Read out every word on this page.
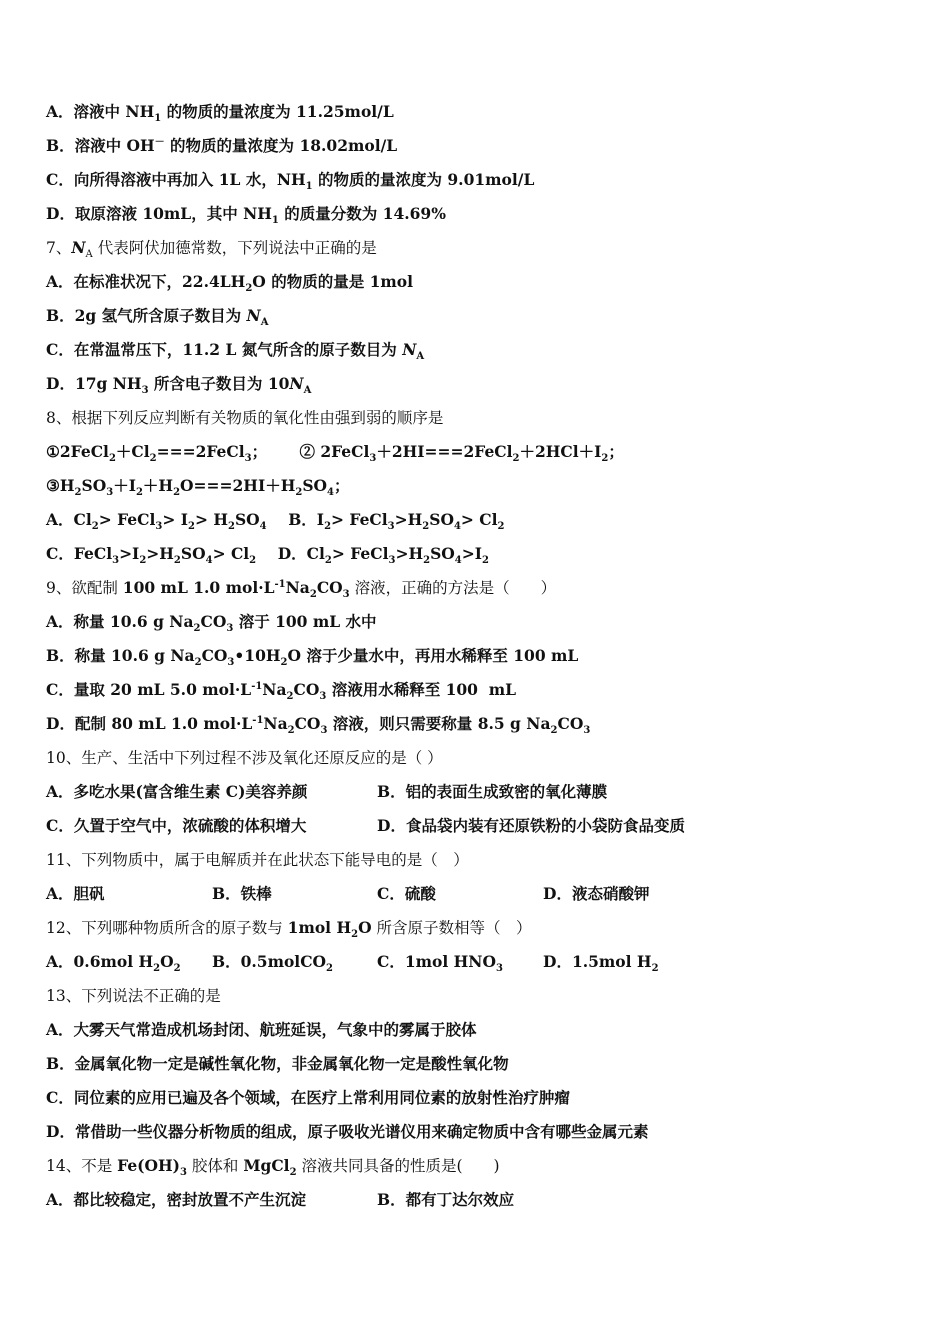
A．溶液中 $NH_1$ 的物质的量浓度为 11.25mol/L
B．溶液中 OH－ 的物质的量浓度为 18.02mol/L
C．向所得溶液中再加入 1L 水，$NH_1$ 的物质的量浓度为 9.01mol/L
D．取原溶液 10mL，其中 $NH_1$ 的质量分数为 14.69%
7、$N_A$ 代表阿伏加德常数，下列说法中正确的是
A．在标准状况下，$22.4LH_2O$ 的物质的量是 1mol
B．2g 氢气所含原子数目为 $N_A$
C．在常温常压下，11.2 L 氮气所含的原子数目为 $N_A$
D．17g $NH_3$ 所含电子数目为 $10N_A$
8、根据下列反应判断有关物质的氧化性由强到弱的顺序是
$①2FeCl_2+Cl_2===2FeCl_3$；      ② $2FeCl_3+2HI===2FeCl_2+2HCl+I_2$；
$③H_2SO_3+I_2+H_2O===2HI+H_2SO_4$；
A．$Cl_2>$ FeCl$_3$> $I_2> H_2SO_4$    B．$I_2>$ $FeCl_3>H_2SO_4> Cl_2$
C．$FeCl_3>I_2>H_2SO_4> Cl_2$    D．$Cl_2>$ $FeCl_3>H_2SO_4>I_2$
9、欲配制 100 mL 1.0 $mol\cdot L^{-1}Na_2CO_3$ 溶液，正确的方法是（　　）
A．称量 10.6 g $Na_2CO_3$ 溶于 100 mL 水中
B．称量 10.6 g $Na_2CO_3•10H_2O$ 溶于少量水中，再用水稀释至 100 mL
C．量取 20 mL 5.0 $mol\cdot L^{-1}Na_2CO_3$ 溶液用水稀释至 100  mL
D．配制 80 mL 1.0 $mol\cdot L^{-1}Na_2CO_3$ 溶液，则只需要称量 8.5 g $Na_2CO_3$
10、生产、生活中下列过程不涉及氧化还原反应的是（ ）
A．多吃水果(富含维生素 C)美容养颜	B．铝的表面生成致密的氧化薄膜
C．久置于空气中，浓硫酸的体积增大	D．食品袋内装有还原铁粉的小袋防食品变质
11、下列物质中，属于电解质并在此状态下能导电的是（　）
A．胆矾	B．铁棒	C．硫酸	D．液态硝酸钾
12、下列哪种物质所含的原子数与 1mol $H_2O$ 所含原子数相等（　）
A．0.6mol $H_2O_2$ B．0.5molCO$_2$	C．1mol $HNO_3$	D．1.5mol $H_2$
13、下列说法不正确的是
A．大雾天气常造成机场封闭、航班延误，气象中的雾属于胶体
B．金属氧化物一定是碱性氧化物，非金属氧化物一定是酸性氧化物
C．同位素的应用已遍及各个领域，在医疗上常利用同位素的放射性治疗肿瘤
D．常借助一些仪器分析物质的组成，原子吸收光谱仪用来确定物质中含有哪些金属元素
14、不是 $Fe(OH)_3$ 胶体和 MgCl$_2$ 溶液共同具备的性质是(　　)
A．都比较稳定，密封放置不产生沉淀	B．都有丁达尔效应
